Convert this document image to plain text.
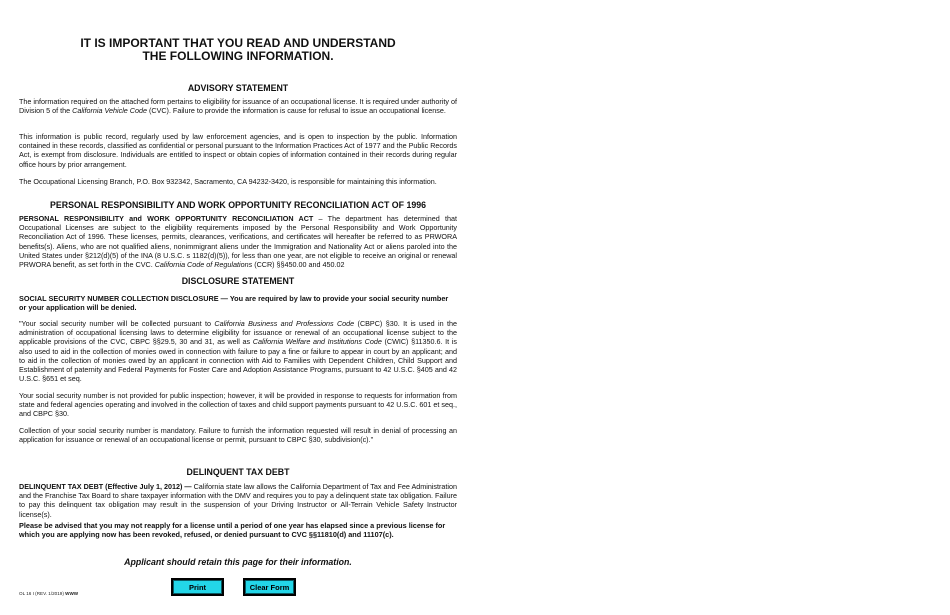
IT IS IMPORTANT THAT YOU READ AND UNDERSTAND
THE FOLLOWING INFORMATION.
ADVISORY STATEMENT

The information required on the attached form pertains to eligibility for issuance of an occupational license. It is required under authority of Division 5 of the California Vehicle Code (CVC). Failure to provide the information is cause for refusal to issue an occupational license.

This information is public record, regularly used by law enforcement agencies, and is open to inspection by the public. Information contained in these records, classified as confidential or personal pursuant to the Information Practices Act of 1977 and the Public Records Act, is exempt from disclosure. Individuals are entitled to inspect or obtain copies of information contained in their records during regular office hours by prior arrangement.

The Occupational Licensing Branch, P.O. Box 932342, Sacramento, CA 94232-3420, is responsible for maintaining this information.

PERSONAL RESPONSIBILITY AND WORK OPPORTUNITY RECONCILIATION ACT OF 1996

PERSONAL RESPONSIBILITY and WORK OPPORTUNITY RECONCILIATION ACT – The department has determined that Occupational Licenses are subject to the eligibility requirements imposed by the Personal Responsibility and Work Opportunity Reconciliation Act of 1996. These licenses, permits, clearances, verifications, and certificates will hereafter be referred to as PRWORA benefits(s). Aliens, who are not qualified aliens, nonimmigrant aliens under the Immigration and Nationality Act or aliens paroled into the United States under §212(d)(5) of the INA (8 U.S.C. s 1182(d)(5)), for less than one year, are not eligible to receive an original or renewal PRWORA benefit, as set forth in the CVC. California Code of Regulations (CCR) §§450.00 and 450.02

DISCLOSURE STATEMENT

SOCIAL SECURITY NUMBER COLLECTION DISCLOSURE — You are required by law to provide your social security number or your application will be denied.

"Your social security number will be collected pursuant to California Business and Professions Code (CBPC) §30. It is used in the administration of occupational licensing laws to determine eligibility for issuance or renewal of an occupational license subject to the applicable provisions of the CVC, CBPC §§29.5, 30 and 31, as well as California Welfare and Institutions Code (CWIC) §11350.6. It is also used to aid in the collection of monies owed in connection with failure to pay a fine or failure to appear in court by an applicant; and to aid in the collection of monies owed by an applicant in connection with Aid to Families with Dependent Children, Child Support and Establishment of paternity and Federal Payments for Foster Care and Adoption Assistance Programs, pursuant to 42 U.S.C. §405 and 42 U.S.C. §651 et seq.

Your social security number is not provided for public inspection; however, it will be provided in response to requests for information from state and federal agencies operating and involved in the collection of taxes and child support payments pursuant to 42 U.S.C. 601 et seq., and CBPC §30.

Collection of your social security number is mandatory. Failure to furnish the information requested will result in denial of processing an application for issuance or renewal of an occupational license or permit, pursuant to CBPC §30, subdivision(c)."

DELINQUENT TAX DEBT

DELINQUENT TAX DEBT (Effective July 1, 2012) — California state law allows the California Department of Tax and Fee Administration and the Franchise Tax Board to share taxpayer information with the DMV and requires you to pay a delinquent state tax obligation. Failure to pay this delinquent tax obligation may result in the suspension of your Driving Instructor or All-Terrain Vehicle Safety Instructor license(s).

Please be advised that you may not reapply for a license until a period of one year has elapsed since a previous license for which you are applying now has been revoked, refused, or denied pursuant to CVC §§11810(d) and 11107(c).

Applicant should retain this page for their information.
Print	Clear Form
OL 16 I (REV. 1/2019) WWW
